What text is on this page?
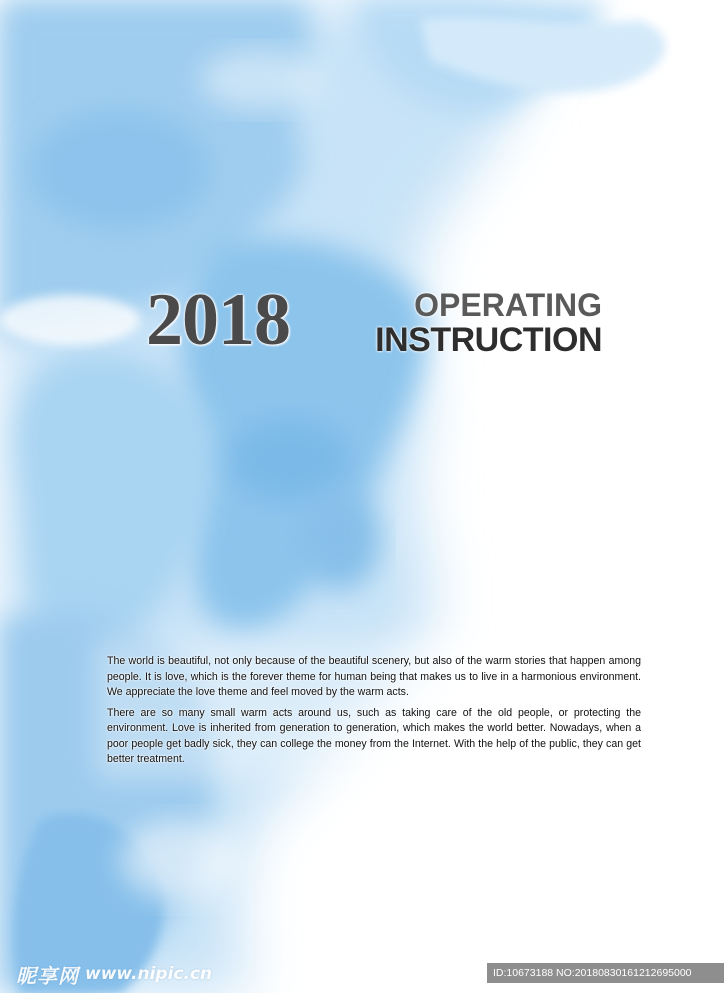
2018	OPERATING
INSTRUCTION

The world is beautiful, not only because of the beautiful scenery, but also of the warm stories that happen among people. It is love, which is the forever theme for human being that makes us to live in a harmonious environment. We appreciate the love theme and feel moved by the warm acts.

There are so many small warm acts around us, such as taking care of the old people, or protecting the environment. Love is inherited from generation to generation, which makes the world better. Nowadays, when a poor people get badly sick, they can college the money from the Internet. With the help of the public, they can get better treatment.

昵享网 www.nipic.cn	ID:10673188 NO:20180830161212695000
